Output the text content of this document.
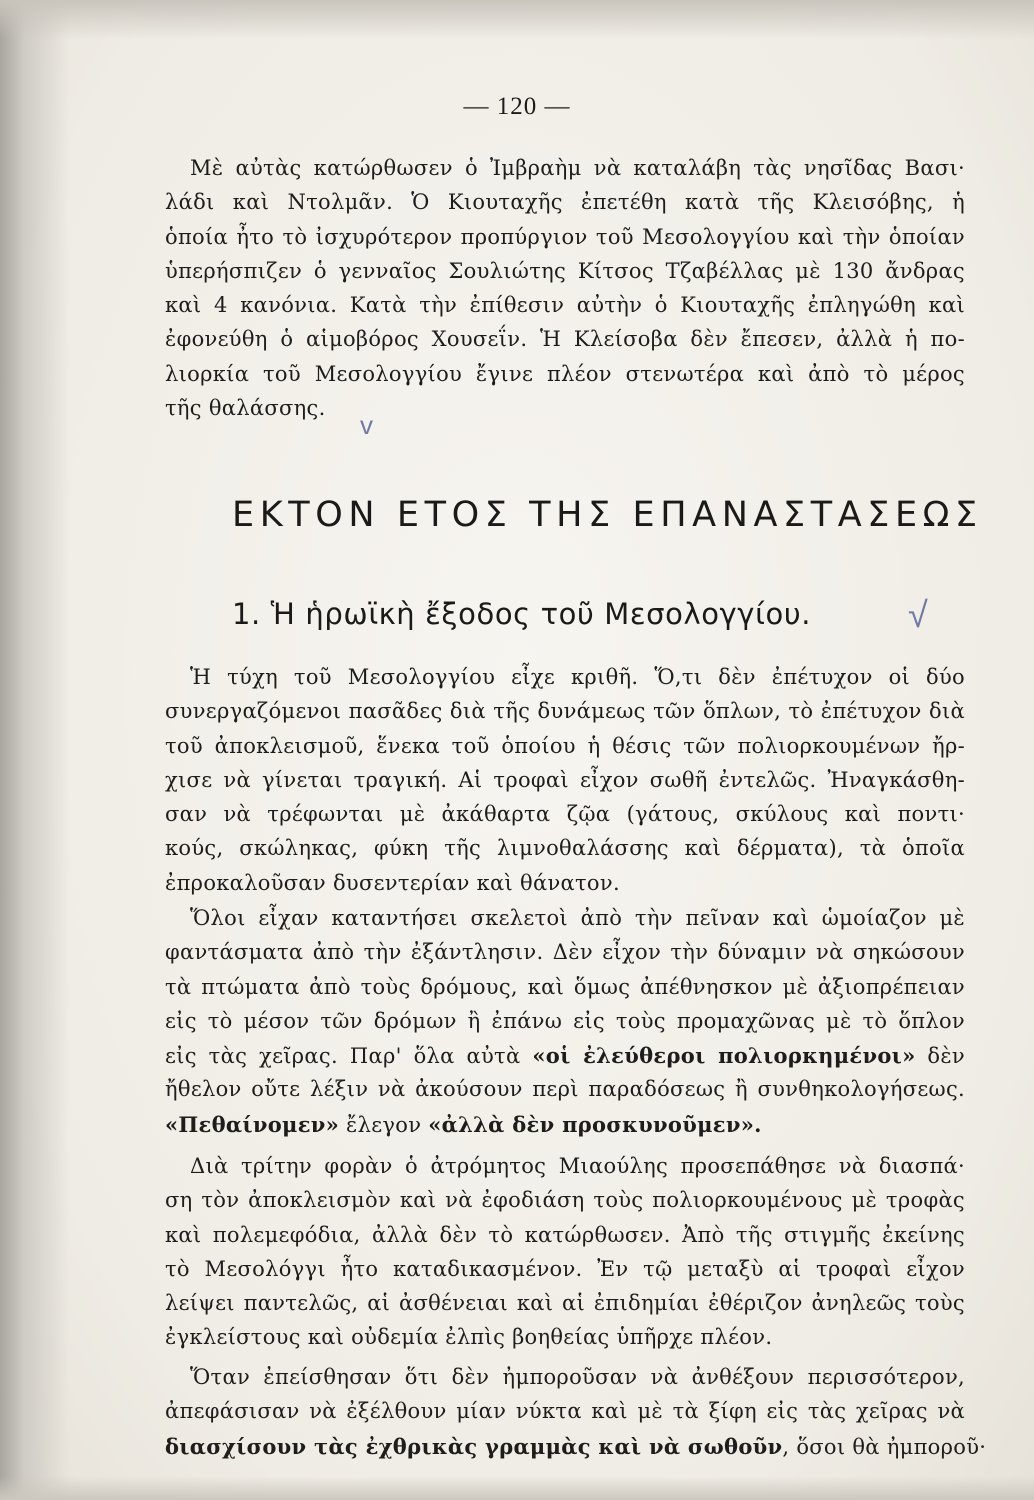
— 120 —
Μὲ αὐτὰς κατώρθωσεν ὁ Ἰμβραὴμ νὰ καταλάβη τὰς νησῖδας Βασι·
λάδι καὶ Ντολμᾶν. Ὁ Κιουταχῆς ἐπετέθη κατὰ τῆς Κλεισόβης, ἡ
ὁποία ἦτο τὸ ἰσχυρότερον προπύργιον τοῦ Μεσολογγίου καὶ τὴν ὁποίαν
ὑπερήσπιζεν ὁ γενναῖος Σουλιώτης Κίτσος Τζαβέλλας μὲ 130 ἄνδρας
καὶ 4 κανόνια. Κατὰ τὴν ἐπίθεσιν αὐτὴν ὁ Κιουταχῆς ἐπληγώθη καὶ
ἐφονεύθη ὁ αἱμοβόρος Χουσεΐν. Ἡ Κλείσοβα δὲν ἔπεσεν, ἀλλὰ ἡ πο-
λιορκία τοῦ Μεσολογγίου ἔγινε πλέον στενωτέρα καὶ ἀπὸ τὸ μέρος
τῆς θαλάσσης.
v
ΕΚΤΟΝ ΕΤΟΣ ΤΗΣ ΕΠΑΝΑΣΤΑΣΕΩΣ
1. Ἡ ἡρωϊκὴ ἔξοδος τοῦ Μεσολογγίου.	√
Ἡ τύχη τοῦ Μεσολογγίου εἶχε κριθῆ. Ὅ,τι δὲν ἐπέτυχον οἱ δύο
συνεργαζόμενοι πασᾶδες διὰ τῆς δυνάμεως τῶν ὅπλων, τὸ ἐπέτυχον διὰ
τοῦ ἀποκλεισμοῦ, ἕνεκα τοῦ ὁποίου ἡ θέσις τῶν πολιορκουμένων ἤρ-
χισε νὰ γίνεται τραγική. Αἱ τροφαὶ εἶχον σωθῆ ἐντελῶς. Ἠναγκάσθη-
σαν νὰ τρέφωνται μὲ ἀκάθαρτα ζῷα (γάτους, σκύλους καὶ ποντι·
κούς, σκώληκας, φύκη τῆς λιμνοθαλάσσης καὶ δέρματα), τὰ ὁποῖα
ἐπροκαλοῦσαν δυσεντερίαν καὶ θάνατον.
Ὅλοι εἶχαν καταντήσει σκελετοὶ ἀπὸ τὴν πεῖναν καὶ ὡμοίαζον μὲ
φαντάσματα ἀπὸ τὴν ἐξάντλησιν. Δὲν εἶχον τὴν δύναμιν νὰ σηκώσουν
τὰ πτώματα ἀπὸ τοὺς δρόμους, καὶ ὅμως ἀπέθνησκον μὲ ἀξιοπρέπειαν
εἰς τὸ μέσον τῶν δρόμων ἢ ἐπάνω εἰς τοὺς προμαχῶνας μὲ τὸ ὅπλον
εἰς τὰς χεῖρας. Παρ' ὅλα αὐτὰ «οἱ ἐλεύθεροι πολιορκημένοι» δὲν
ἤθελον οὔτε λέξιν νὰ ἀκούσουν περὶ παραδόσεως ἢ συνθηκολογήσεως.
«Πεθαίνομεν» ἔλεγον «ἀλλὰ δὲν προσκυνοῦμεν».
Διὰ τρίτην φορὰν ὁ ἀτρόμητος Μιαούλης προσεπάθησε νὰ διασπά·
ση τὸν ἀποκλεισμὸν καὶ νὰ ἐφοδιάση τοὺς πολιορκουμένους μὲ τροφὰς
καὶ πολεμεφόδια, ἀλλὰ δὲν τὸ κατώρθωσεν. Ἀπὸ τῆς στιγμῆς ἐκείνης
τὸ Μεσολόγγι ἦτο καταδικασμένον. Ἐν τῷ μεταξὺ αἱ τροφαὶ εἶχον
λείψει παντελῶς, αἱ ἀσθένειαι καὶ αἱ ἐπιδημίαι ἐθέριζον ἀνηλεῶς τοὺς
ἐγκλείστους καὶ οὐδεμία ἐλπὶς βοηθείας ὑπῆρχε πλέον.
Ὅταν ἐπείσθησαν ὅτι δὲν ἠμποροῦσαν νὰ ἀνθέξουν περισσότερον,
ἀπεφάσισαν νὰ ἐξέλθουν μίαν νύκτα καὶ μὲ τὰ ξίφη εἰς τὰς χεῖρας νὰ
διασχίσουν τὰς ἐχθρικὰς γραμμὰς καὶ νὰ σωθοῦν, ὅσοι θὰ ἠμποροῦ·
